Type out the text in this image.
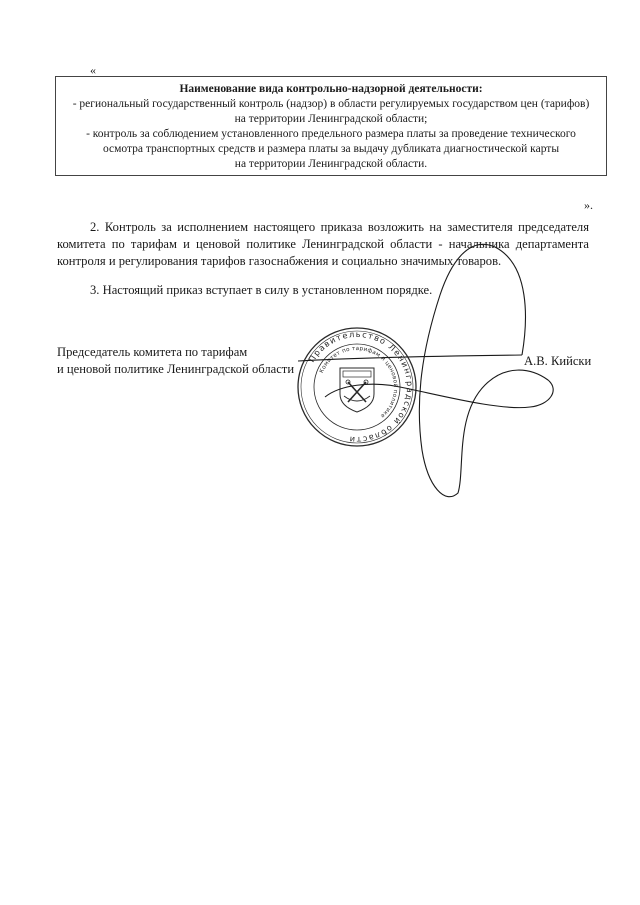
«
Наименование вида контрольно-надзорной деятельности:
- региональный государственный контроль (надзор) в области регулируемых государством цен (тарифов)
на территории Ленинградской области;
- контроль за соблюдением установленного предельного размера платы за проведение технического
осмотра транспортных средств и размера платы за выдачу дубликата диагностической карты
на территории Ленинградской области.
».
2. Контроль за исполнением настоящего приказа возложить на заместителя председателя комитета по тарифам и ценовой политике Ленинградской области - начальника департамента контроля и регулирования тарифов газоснабжения и социально значимых товаров.
3. Настоящий приказ вступает в силу в установленном порядке.
Председатель комитета по тарифам
и ценовой политике Ленинградской области
А.В. Кийски
Правительство Ленинградской области
Комитет по тарифам и ценовой политике
